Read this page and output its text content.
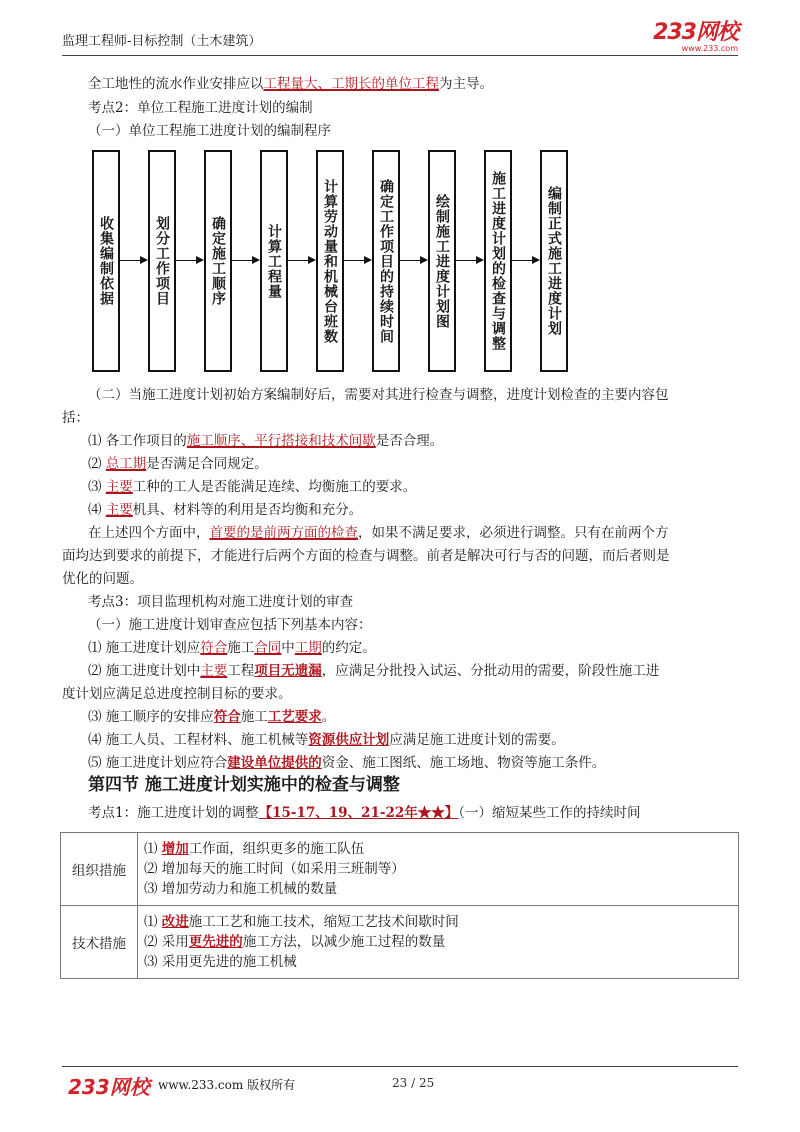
监理工程师-目标控制（土木建筑）	233网校
www.233.com
全工地性的流水作业安排应以工程量大、工期长的单位工程为主导。
考点2：单位工程施工进度计划的编制
（一）单位工程施工进度计划的编制程序
收集编制依据	划分工作项目	确定施工顺序	计算工程量	计算劳动量和机械台班数	确定工作项目的持续时间	绘制施工进度计划图	施工进度计划的检查与调整	编制正式施工进度计划
（二）当施工进度计划初始方案编制好后，需要对其进行检查与调整，进度计划检查的主要内容包
括：
⑴ 各工作项目的施工顺序、平行搭接和技术间歇是否合理。
⑵ 总工期是否满足合同规定。
⑶ 主要工种的工人是否能满足连续、均衡施工的要求。
⑷ 主要机具、材料等的利用是否均衡和充分。
在上述四个方面中，首要的是前两方面的检查，如果不满足要求，必须进行调整。只有在前两个方
面均达到要求的前提下，才能进行后两个方面的检查与调整。前者是解决可行与否的问题，而后者则是
优化的问题。
考点3：项目监理机构对施工进度计划的审查
（一）施工进度计划审查应包括下列基本内容：
⑴ 施工进度计划应符合施工合同中工期的约定。
⑵ 施工进度计划中主要工程项目无遗漏，应满足分批投入试运、分批动用的需要，阶段性施工进
度计划应满足总进度控制目标的要求。
⑶ 施工顺序的安排应符合施工工艺要求。
⑷ 施工人员、工程材料、施工机械等资源供应计划应满足施工进度计划的需要。
⑸ 施工进度计划应符合建设单位提供的资金、施工图纸、施工场地、物资等施工条件。
第四节 施工进度计划实施中的检查与调整
考点1：施工进度计划的调整【15-17、19、21-22年★★】（一）缩短某些工作的持续时间
组织措施	⑴ 增加工作面，组织更多的施工队伍
⑵ 增加每天的施工时间（如采用三班制等）
⑶ 增加劳动力和施工机械的数量

技术措施	⑴ 改进施工工艺和施工技术，缩短工艺技术间歇时间
⑵ 采用更先进的施工方法，以减少施工过程的数量
⑶ 采用更先进的施工机械
233网校 www.233.com 版权所有	23 / 25
